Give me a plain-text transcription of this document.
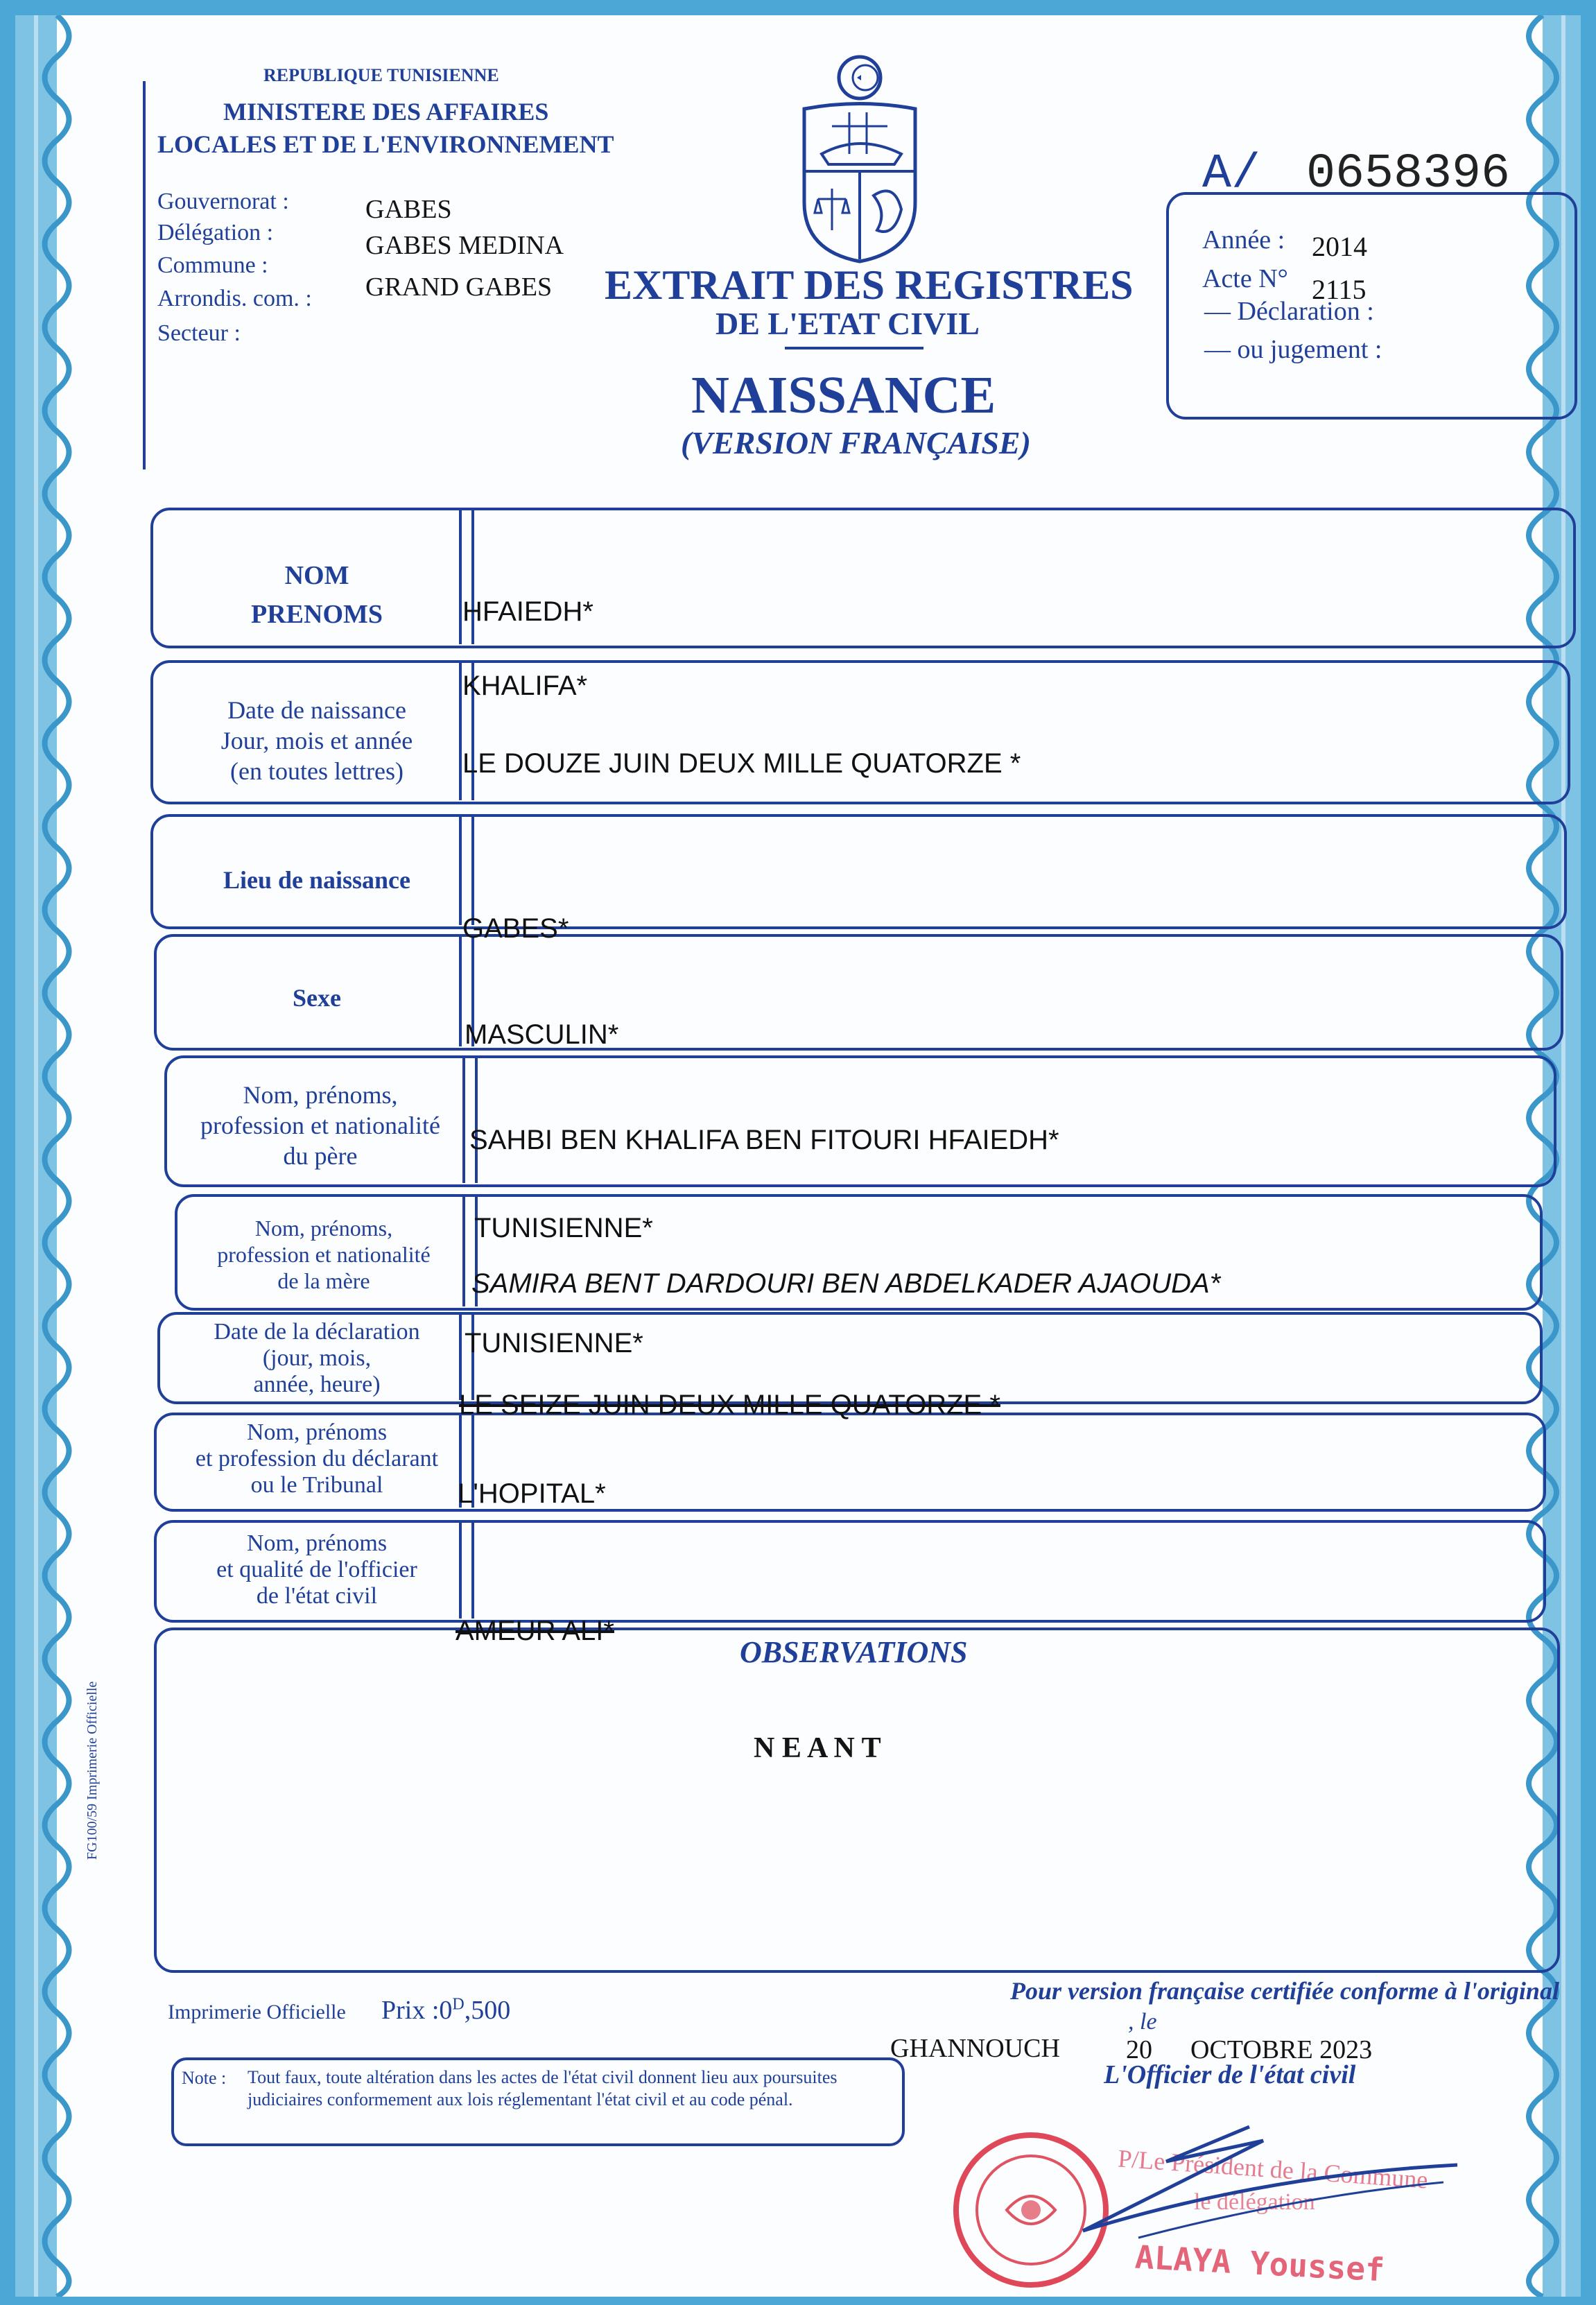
REPUBLIQUE TUNISIENNE
MINISTERE DES AFFAIRES
LOCALES ET DE L'ENVIRONNEMENT
Gouvernorat :
Délégation :
Commune :
Arrondis. com. :
Secteur :
GABES
GABES MEDINA
GRAND GABES
A/ 0658396
Année : 2014
Acte N° 2115
— Déclaration :
— ou jugement :
EXTRAIT DES REGISTRES
DE L'ETAT CIVIL
NAISSANCE
(VERSION FRANÇAISE)
NOM
PRENOMS
Date de naissance
Jour, mois et année
(en toutes lettres)
Lieu de naissance
Sexe
Nom, prénoms,
profession et nationalité
du père
Nom, prénoms,
profession et nationalité
de la mère
Date de la déclaration
(jour, mois,
année, heure)
Nom, prénoms
et profession du déclarant
ou le Tribunal
Nom, prénoms
et qualité de l'officier
de l'état civil
HFAIEDH*
KHALIFA*
LE DOUZE JUIN DEUX MILLE QUATORZE *
GABES*
MASCULIN*
SAHBI BEN KHALIFA BEN FITOURI HFAIEDH*
TUNISIENNE*
SAMIRA BENT DARDOURI BEN ABDELKADER AJAOUDA*
TUNISIENNE*
LE SEIZE JUIN DEUX MILLE QUATORZE *
L'HOPITAL*
AMEUR ALI*
OBSERVATIONS
N E A N T
FG100/59 Imprimerie Officielle
Imprimerie Officielle Prix $:0^D,500$
Pour version française certifiée conforme à l'original
GHANNOUCH
, le
20 OCTOBRE 2023
L'Officier de l'état civil
Note : Tout faux, toute altération dans les actes de l'état civil donnent lieu aux poursuites judiciaires conformement aux lois réglementant l'état civil et au code pénal.
P/Le Président de la Commune
le délégation
ALAYA Youssef
